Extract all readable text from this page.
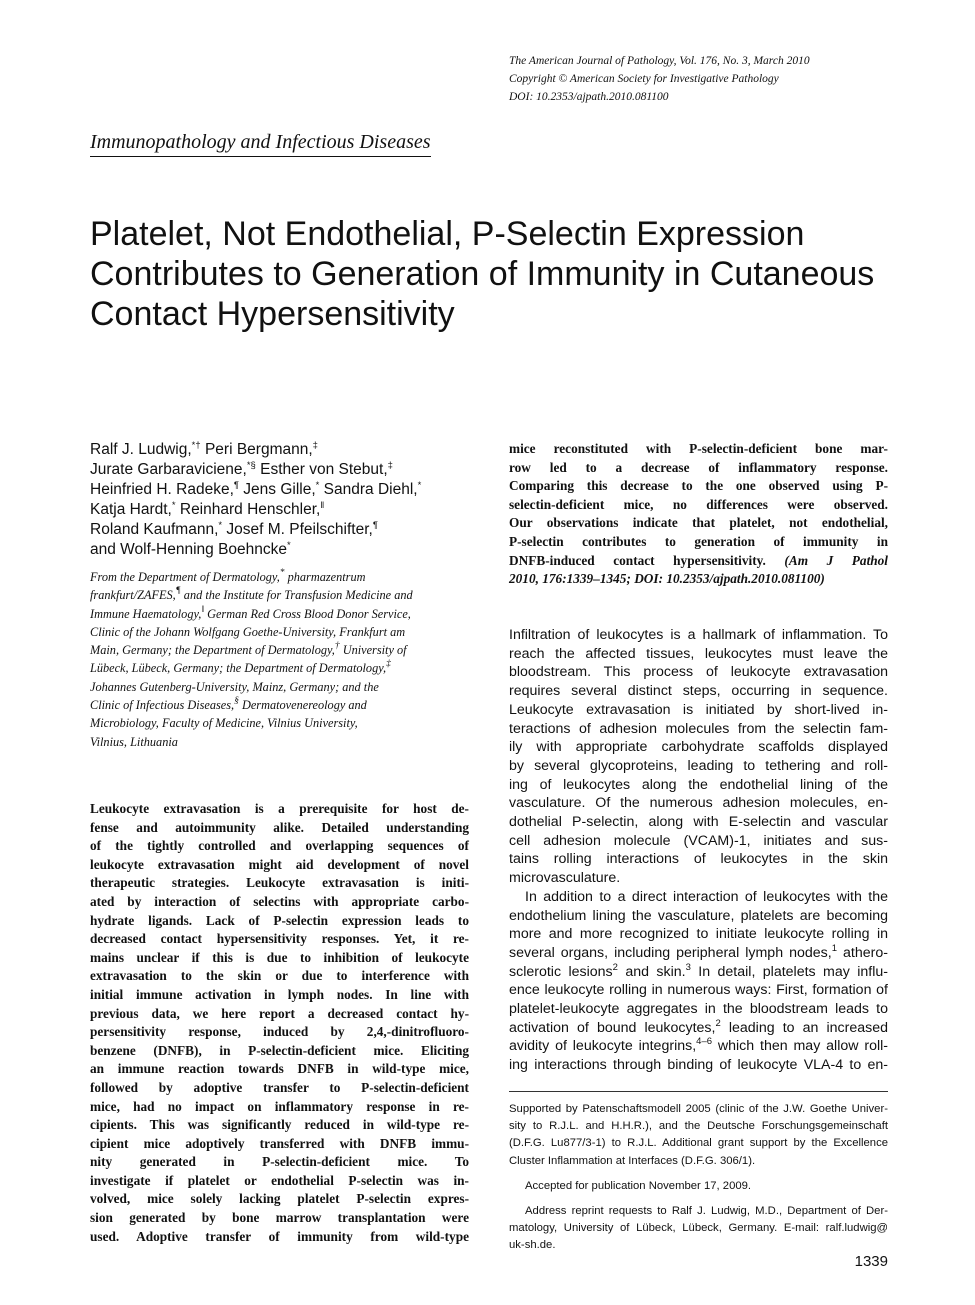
The American Journal of Pathology, Vol. 176, No. 3, March 2010
Copyright © American Society for Investigative Pathology
DOI: 10.2353/ajpath.2010.081100
Immunopathology and Infectious Diseases
Platelet, Not Endothelial, P-Selectin Expression
Contributes to Generation of Immunity in Cutaneous
Contact Hypersensitivity
Ralf J. Ludwig,*† Peri Bergmann,‡
Jurate Garbaraviciene,*§ Esther von Stebut,‡
Heinfried H. Radeke,¶ Jens Gille,* Sandra Diehl,*
Katja Hardt,* Reinhard Henschler,‖
Roland Kaufmann,* Josef M. Pfeilschifter,¶
and Wolf-Henning Boehncke*
From the Department of Dermatology,* pharmazentrum
frankfurt/ZAFES,¶ and the Institute for Transfusion Medicine and
Immune Haematology,‖ German Red Cross Blood Donor Service,
Clinic of the Johann Wolfgang Goethe-University, Frankfurt am
Main, Germany; the Department of Dermatology,† University of
Lübeck, Lübeck, Germany; the Department of Dermatology,‡
Johannes Gutenberg-University, Mainz, Germany; and the
Clinic of Infectious Diseases,§ Dermatovenereology and
Microbiology, Faculty of Medicine, Vilnius University,
Vilnius, Lithuania
Leukocyte extravasation is a prerequisite for host de-
fense and autoimmunity alike. Detailed understanding
of the tightly controlled and overlapping sequences of
leukocyte extravasation might aid development of novel
therapeutic strategies. Leukocyte extravasation is initi-
ated by interaction of selectins with appropriate carbo-
hydrate ligands. Lack of P-selectin expression leads to
decreased contact hypersensitivity responses. Yet, it re-
mains unclear if this is due to inhibition of leukocyte
extravasation to the skin or due to interference with
initial immune activation in lymph nodes. In line with
previous data, we here report a decreased contact hy-
persensitivity response, induced by 2,4,-dinitrofluoro-
benzene (DNFB), in P-selectin-deficient mice. Eliciting
an immune reaction towards DNFB in wild-type mice,
followed by adoptive transfer to P-selectin-deficient
mice, had no impact on inflammatory response in re-
cipients. This was significantly reduced in wild-type re-
cipient mice adoptively transferred with DNFB immu-
nity generated in P-selectin-deficient mice. To
investigate if platelet or endothelial P-selectin was in-
volved, mice solely lacking platelet P-selectin expres-
sion generated by bone marrow transplantation were
used. Adoptive transfer of immunity from wild-type
mice reconstituted with P-selectin-deficient bone mar-
row led to a decrease of inflammatory response.
Comparing this decrease to the one observed using P-
selectin-deficient mice, no differences were observed.
Our observations indicate that platelet, not endothelial,
P-selectin contributes to generation of immunity in
DNFB-induced contact hypersensitivity. (Am J Pathol
2010, 176:1339–1345; DOI: 10.2353/ajpath.2010.081100)
Infiltration of leukocytes is a hallmark of inflammation. To
reach the affected tissues, leukocytes must leave the
bloodstream. This process of leukocyte extravasation
requires several distinct steps, occurring in sequence.
Leukocyte extravasation is initiated by short-lived in-
teractions of adhesion molecules from the selectin fam-
ily with appropriate carbohydrate scaffolds displayed
by several glycoproteins, leading to tethering and roll-
ing of leukocytes along the endothelial lining of the
vasculature. Of the numerous adhesion molecules, en-
dothelial P-selectin, along with E-selectin and vascular
cell adhesion molecule (VCAM)-1, initiates and sus-
tains rolling interactions of leukocytes in the skin
microvasculature.
In addition to a direct interaction of leukocytes with the
endothelium lining the vasculature, platelets are becoming
more and more recognized to initiate leukocyte rolling in
several organs, including peripheral lymph nodes,$^1$ athero-
sclerotic lesions$^2$ and skin.$^3$ In detail, platelets may influ-
ence leukocyte rolling in numerous ways: First, formation of
platelet-leukocyte aggregates in the bloodstream leads to
activation of bound leukocytes,$^2$ leading to an increased
avidity of leukocyte integrins,$^{4-6}$ which then may allow roll-
ing interactions through binding of leukocyte VLA-4 to en-
Supported by Patenschaftsmodell 2005 (clinic of the J.W. Goethe Univer-
sity to R.J.L. and H.H.R.), and the Deutsche Forschungsgemeinschaft
(D.F.G. Lu877/3-1) to R.J.L. Additional grant support by the Excellence
Cluster Inflammation at Interfaces (D.F.G. 306/1).
Accepted for publication November 17, 2009.
Address reprint requests to Ralf J. Ludwig, M.D., Department of Der-
matology, University of Lübeck, Lübeck, Germany. E-mail: ralf.ludwig@
uk-sh.de.
1339
